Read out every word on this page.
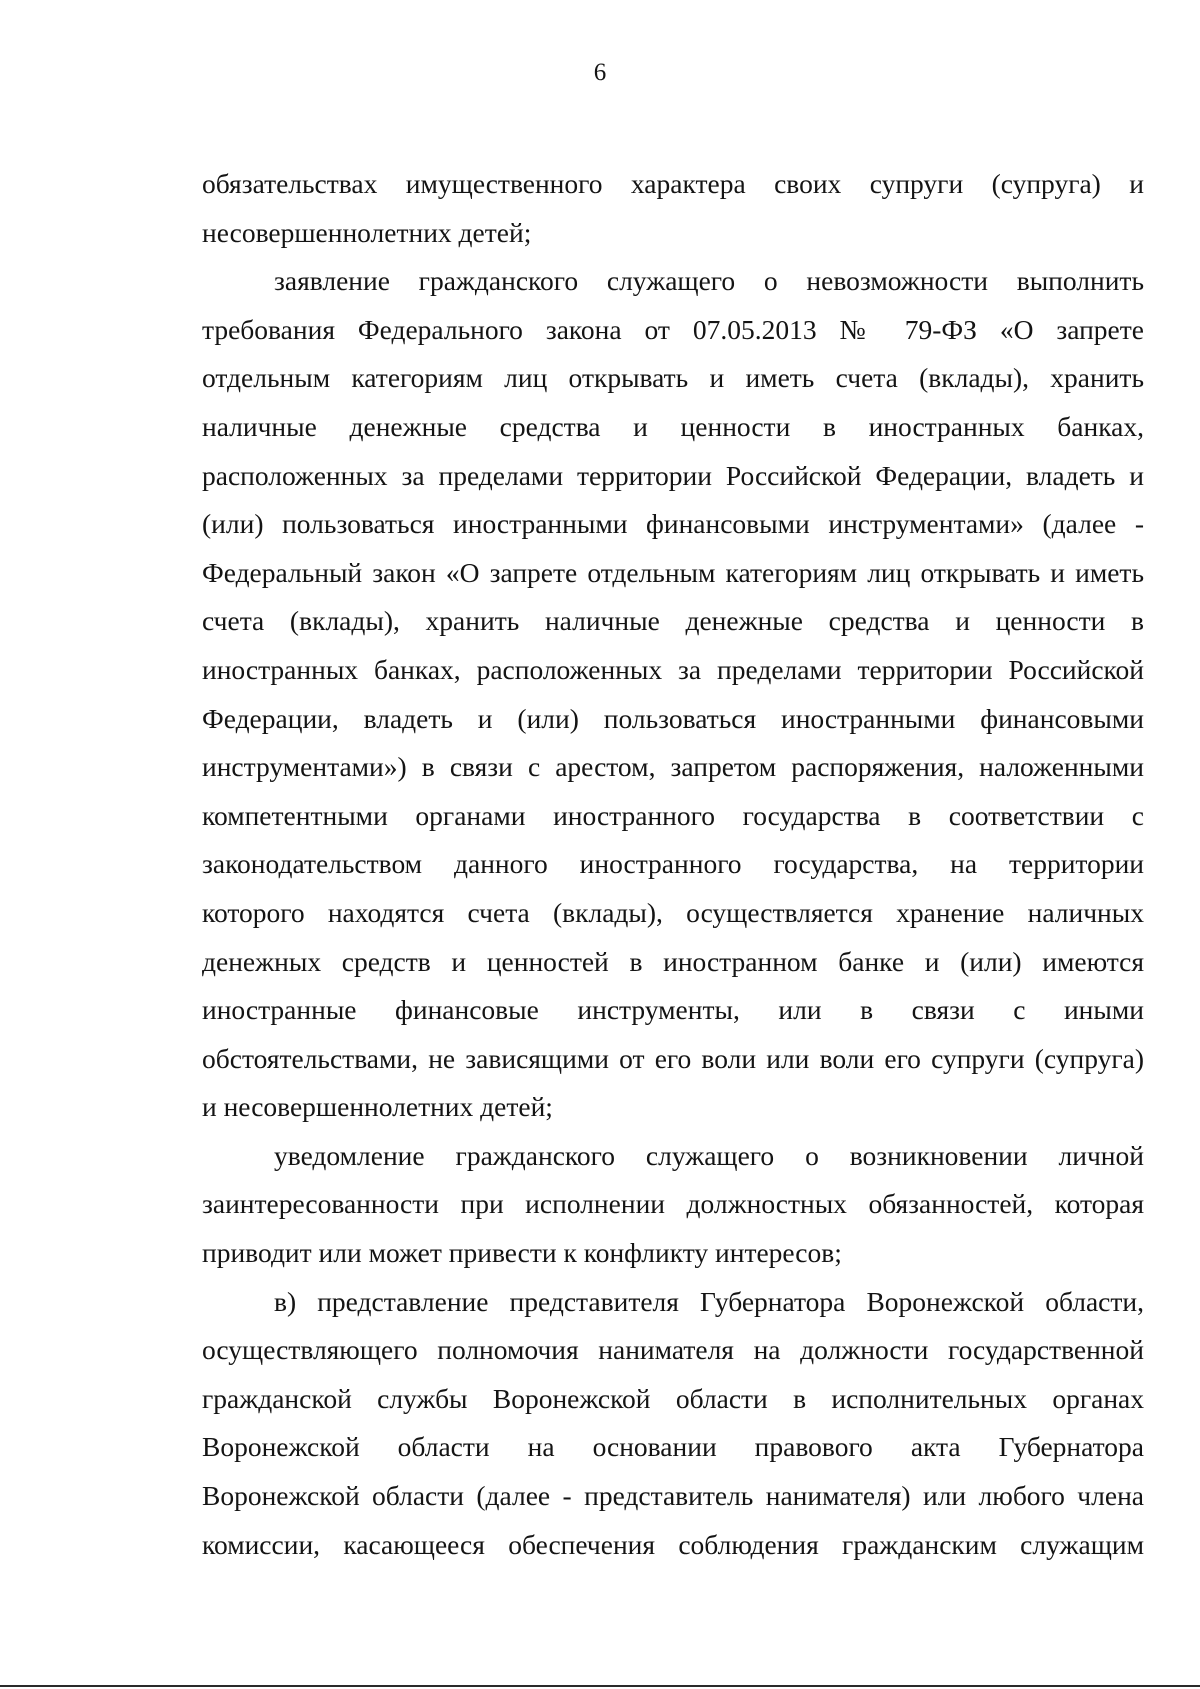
6
обязательствах имущественного характера своих супруги (супруга) и
несовершеннолетних детей;
заявление гражданского служащего о невозможности выполнить
требования Федерального закона от 07.05.2013 № 79-ФЗ «О запрете
отдельным категориям лиц открывать и иметь счета (вклады), хранить
наличные денежные средства и ценности в иностранных банках,
расположенных за пределами территории Российской Федерации, владеть и
(или) пользоваться иностранными финансовыми инструментами» (далее -
Федеральный закон «О запрете отдельным категориям лиц открывать и иметь
счета (вклады), хранить наличные денежные средства и ценности в
иностранных банках, расположенных за пределами территории Российской
Федерации, владеть и (или) пользоваться иностранными финансовыми
инструментами») в связи с арестом, запретом распоряжения, наложенными
компетентными органами иностранного государства в соответствии с
законодательством данного иностранного государства, на территории
которого находятся счета (вклады), осуществляется хранение наличных
денежных средств и ценностей в иностранном банке и (или) имеются
иностранные финансовые инструменты, или в связи с иными
обстоятельствами, не зависящими от его воли или воли его супруги (супруга)
и несовершеннолетних детей;
уведомление гражданского служащего о возникновении личной
заинтересованности при исполнении должностных обязанностей, которая
приводит или может привести к конфликту интересов;
в) представление представителя Губернатора Воронежской области,
осуществляющего полномочия нанимателя на должности государственной
гражданской службы Воронежской области в исполнительных органах
Воронежской области на основании правового акта Губернатора
Воронежской области (далее - представитель нанимателя) или любого члена
комиссии, касающееся обеспечения соблюдения гражданским служащим
